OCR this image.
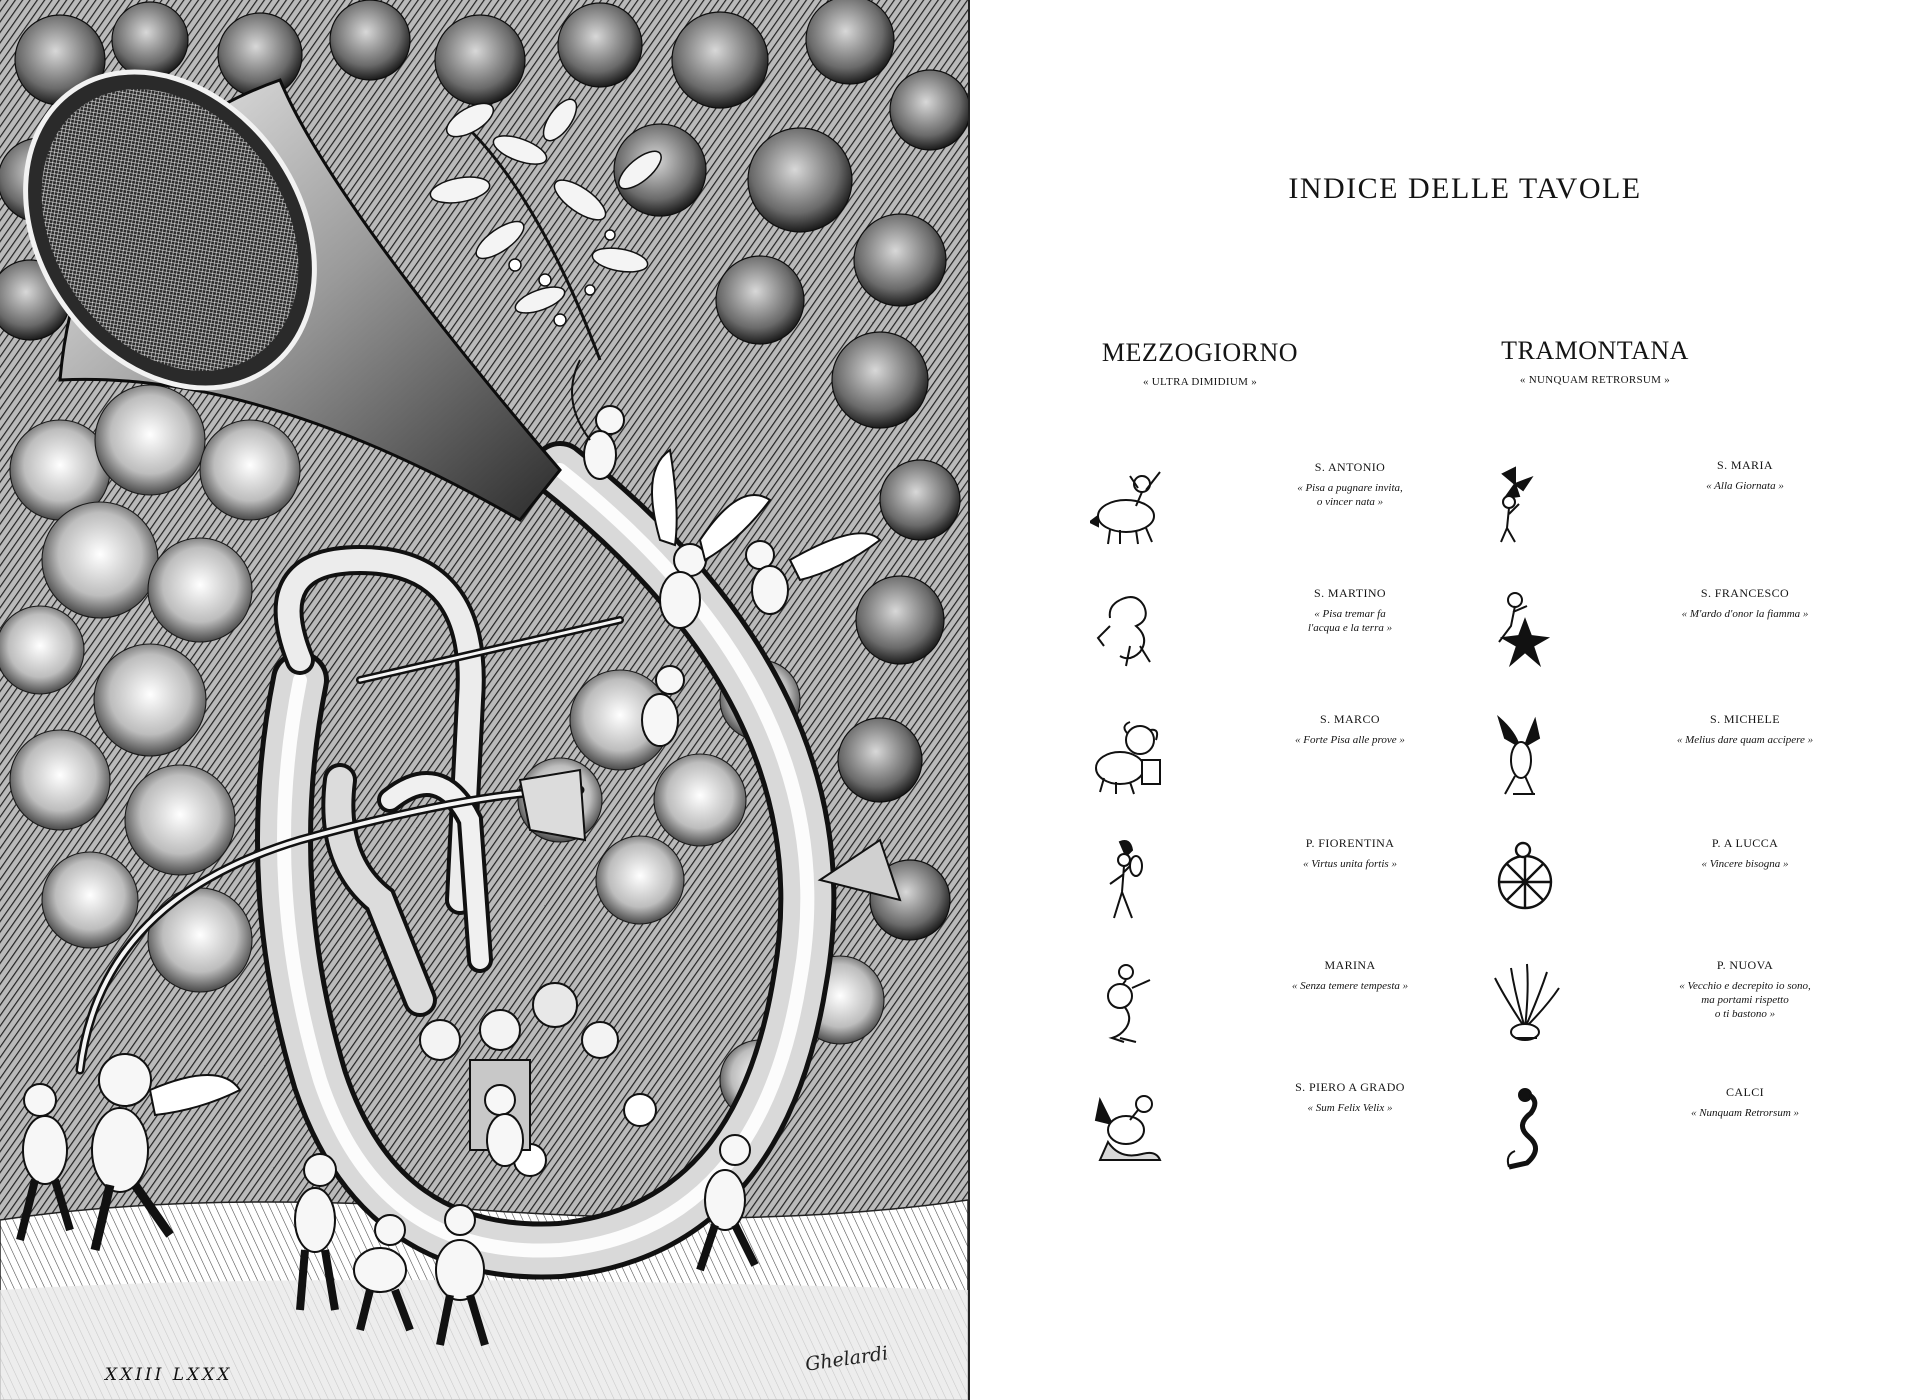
XXIII LXXX	Ghelardi
INDICE DELLE TAVOLE
MEZZOGIORNO
« ULTRA DIMIDIUM »
TRAMONTANA
« NUNQUAM RETRORSUM »
S. ANTONIO
« Pisa a pugnare invita,
o vincer nata »
S. MARTINO
« Pisa tremar fa
l'acqua e la terra »
S. MARCO
« Forte Pisa alle prove »
P. FIORENTINA
« Virtus unita fortis »
MARINA
« Senza temere tempesta »
S. PIERO A GRADO
« Sum Felix Velix »
S. MARIA
« Alla Giornata »
S. FRANCESCO
« M'ardo d'onor la fiamma »
S. MICHELE
« Melius dare quam accipere »
P. A LUCCA
« Vincere bisogna »
P. NUOVA
« Vecchio e decrepito io sono,
ma portami rispetto
o ti bastono »
CALCI
« Nunquam Retrorsum »
